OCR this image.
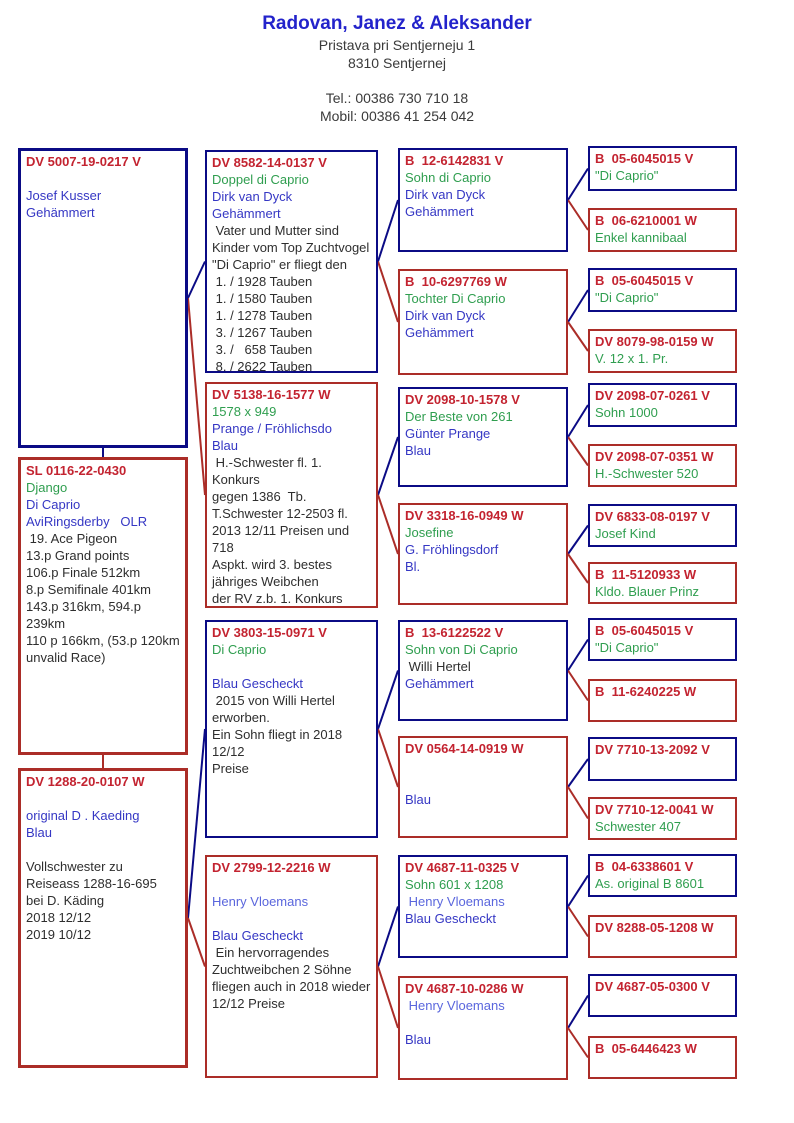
Radovan, Janez & Aleksander
Pristava pri Sentjerneju 1
8310 Sentjernej
Tel.: 00386 730 710 18
Mobil: 00386 41 254 042
DV 5007-19-0217 V

Josef Kusser
Gehämmert
SL 0116-22-0430
Django
Di Caprio
AviRingsderby   OLR
19. Ace Pigeon
13.p Grand points
106.p Finale 512km
8.p Semifinale 401km
143.p 316km, 594.p 239km
110 p 166km, (53.p 120km
unvalid Race)
DV 1288-20-0107 W

original D . Kaeding
Blau

Vollschwester zu
Reiseass 1288-16-695
bei D. Käding
2018 12/12
2019 10/12
DV 8582-14-0137 V
Doppel di Caprio
Dirk van Dyck
Gehämmert
Vater und Mutter sind
Kinder vom Top Zuchtvogel
"Di Caprio" er fliegt den
1. / 1928 Tauben
1. / 1580 Tauben
1. / 1278 Tauben
3. / 1267 Tauben
3. /   658 Tauben
8. / 2622 Tauben
DV 5138-16-1577 W
1578 x 949
Prange / Fröhlichsdo
Blau
H.-Schwester fl. 1. Konkurs
gegen 1386  Tb.
T.Schwester 12-2503 fl.
2013 12/11 Preisen und 718
Aspkt. wird 3. bestes
jähriges Weibchen
der RV z.b. 1. Konkurs
DV 3803-15-0971 V
Di Caprio

Blau Gescheckt
2015 von Willi Hertel
erworben.
Ein Sohn fliegt in 2018 12/12
Preise
DV 2799-12-2216 W

Henry Vloemans

Blau Gescheckt
Ein hervorragendes
Zuchtweibchen 2 Söhne
fliegen auch in 2018 wieder
12/12 Preise
B  12-6142831 V
Sohn di Caprio
Dirk van Dyck
Gehämmert
B  10-6297769 W
Tochter Di Caprio
Dirk van Dyck
Gehämmert
DV 2098-10-1578 V
Der Beste von 261
Günter Prange
Blau
DV 3318-16-0949 W
Josefine
G. Fröhlingsdorf
Bl.
B  13-6122522 V
Sohn von Di Caprio
Willi Hertel
Gehämmert
DV 0564-14-0919 W

Blau
DV 4687-11-0325 V
Sohn 601 x 1208
Henry Vloemans
Blau Gescheckt
DV 4687-10-0286 W
Henry Vloemans

Blau
B  05-6045015 V
"Di Caprio"
B  06-6210001 W
Enkel kannibaal
B  05-6045015 V
"Di Caprio"
DV 8079-98-0159 W
V. 12 x 1. Pr.
DV 2098-07-0261 V
Sohn 1000
DV 2098-07-0351 W
H.-Schwester 520
DV 6833-08-0197 V
Josef Kind
B  11-5120933 W
Kldo. Blauer Prinz
B  05-6045015 V
"Di Caprio"
B  11-6240225 W
DV 7710-13-2092 V
DV 7710-12-0041 W
Schwester 407
B  04-6338601 V
As. original B 8601
DV 8288-05-1208 W
DV 4687-05-0300 V
B  05-6446423 W
